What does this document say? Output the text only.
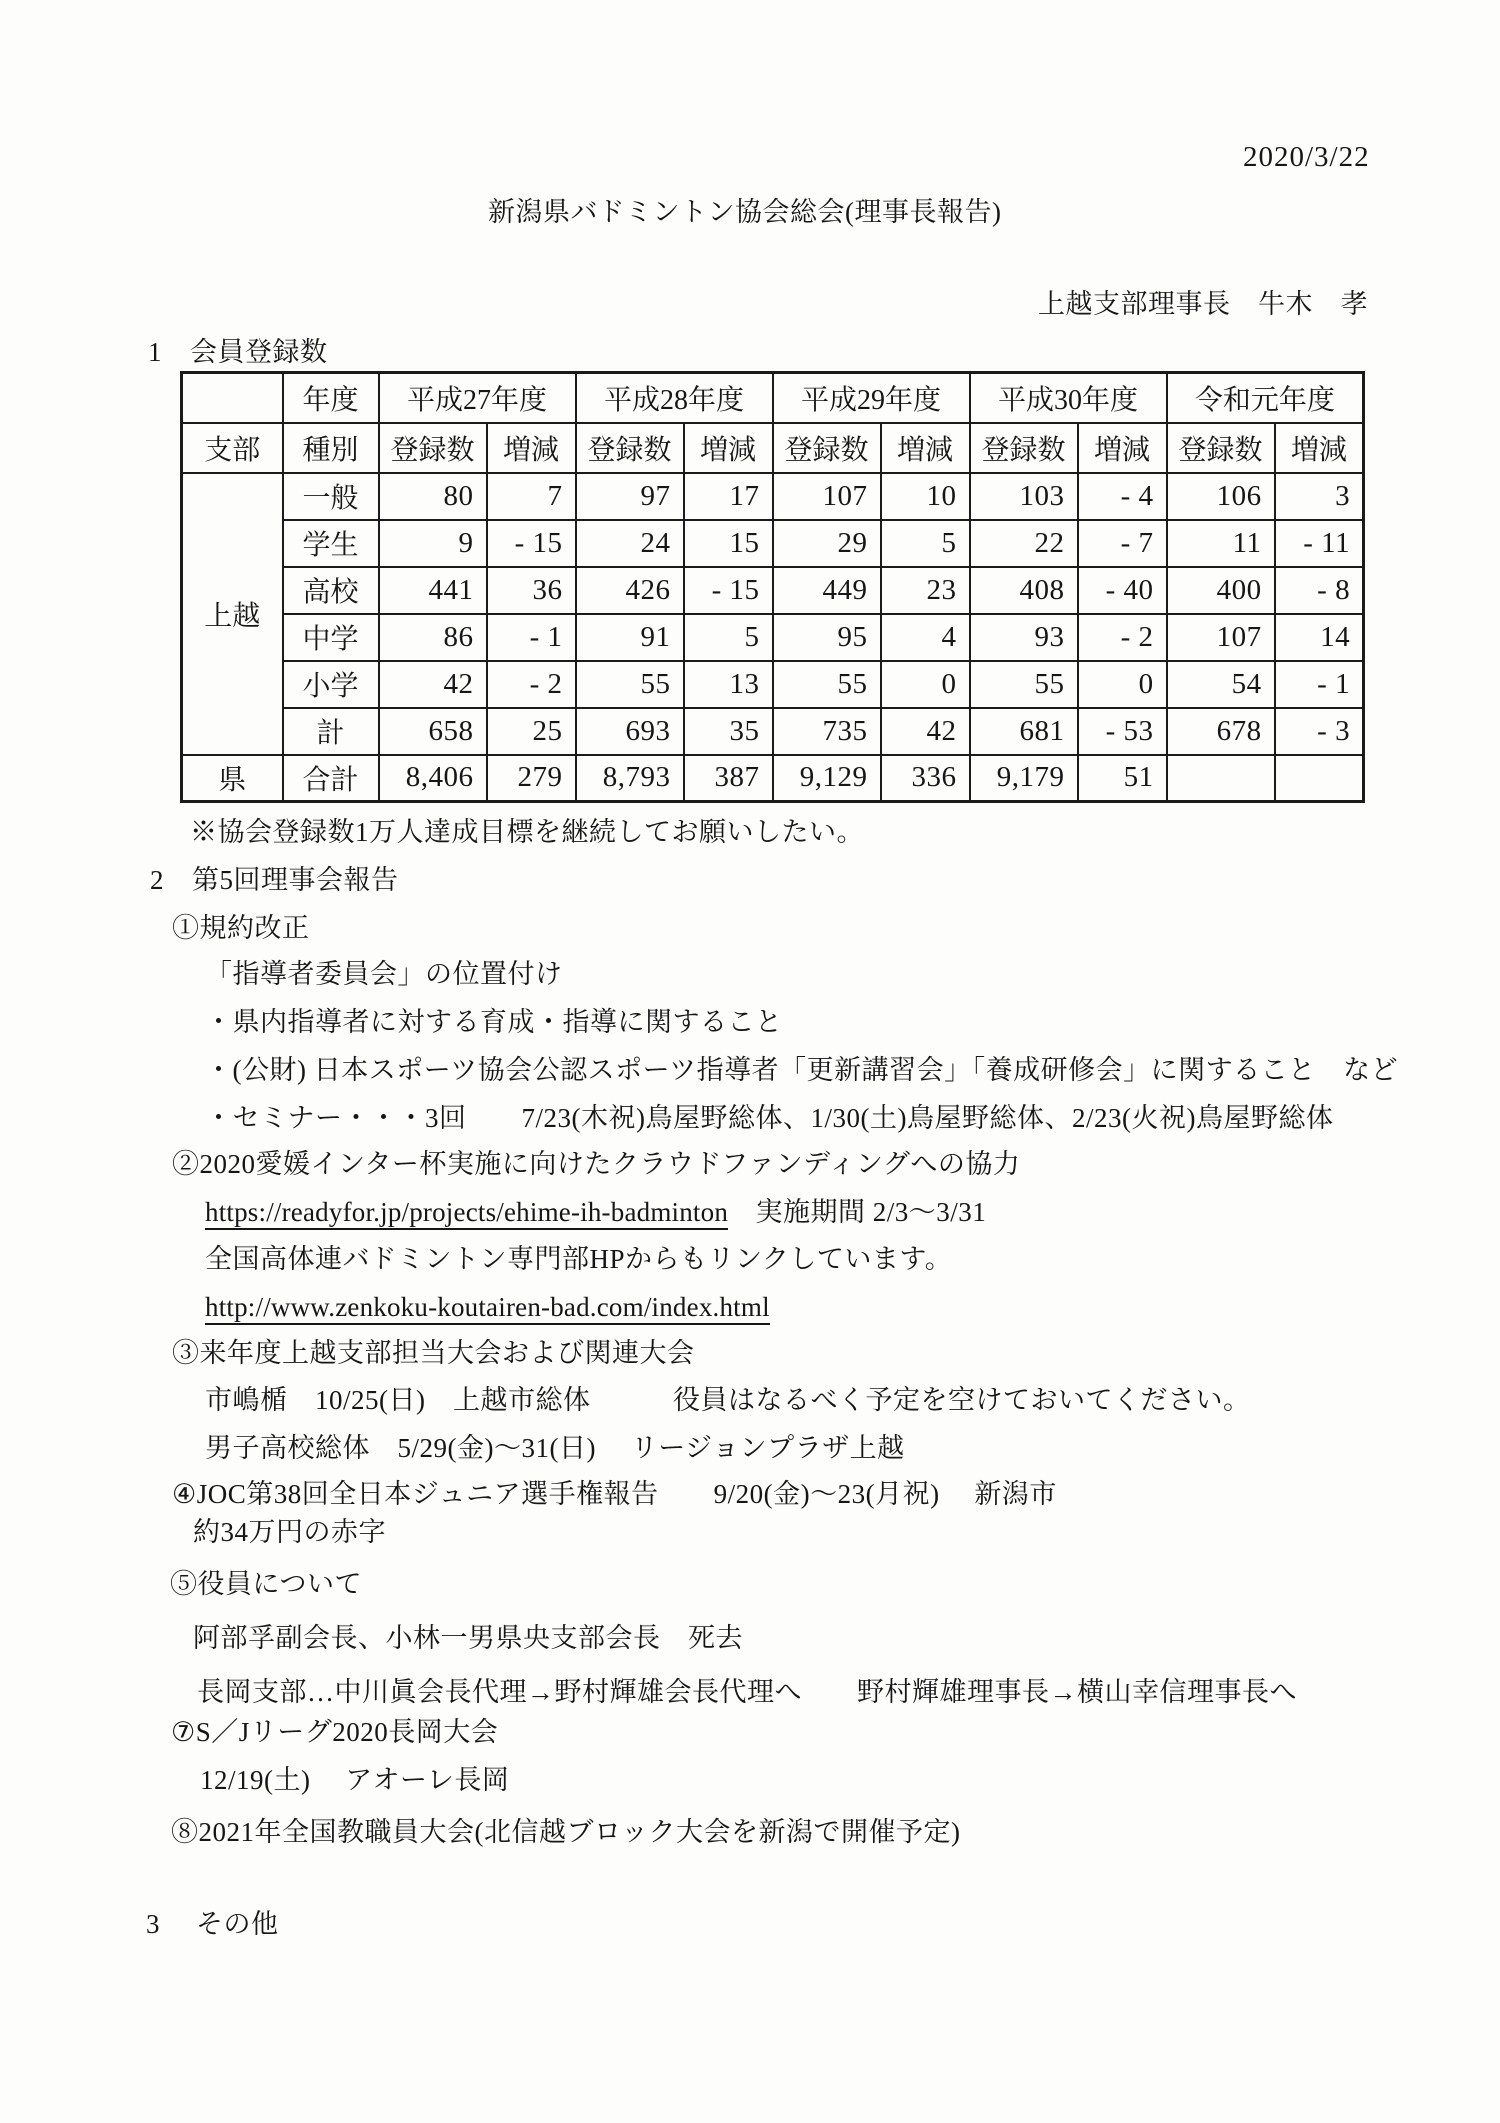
2020/3/22
新潟県バドミントン協会総会(理事長報告)
上越支部理事長　牛木　孝
1 会員登録数
	年度	平成27年度		平成28年度		平成29年度		平成30年度		令和元年度	
支部	種別	登録数	増減	登録数	増減	登録数	増減	登録数	増減	登録数	増減
上越	一般	80	7	97	17	107	10	103	- 4	106	3
	学生	9	- 15	24	15	29	5	22	- 7	11	- 11
	高校	441	36	426	- 15	449	23	408	- 40	400	- 8
	中学	86	- 1	91	5	95	4	93	- 2	107	14
	小学	42	- 2	55	13	55	0	55	0	54	- 1
	計	658	25	693	35	735	42	681	- 53	678	- 3
県	合計	8,406	279	8,793	387	9,129	336	9,179	51		
※協会登録数1万人達成目標を継続してお願いしたい。
2 第5回理事会報告
①規約改正
「指導者委員会」の位置付け
・県内指導者に対する育成・指導に関すること
・(公財) 日本スポーツ協会公認スポーツ指導者「更新講習会」「養成研修会」に関すること　など
・セミナー・・・3回　　7/23(木祝)鳥屋野総体、1/30(土)鳥屋野総体、2/23(火祝)鳥屋野総体
②2020愛媛インター杯実施に向けたクラウドファンディングへの協力
https://readyfor.jp/projects/ehime-ih-badminton　実施期間 2/3～3/31
全国高体連バドミントン専門部HPからもリンクしています。
http://www.zenkoku-koutairen-bad.com/index.html
③来年度上越支部担当大会および関連大会
市嶋楯　10/25(日)　上越市総体　　　役員はなるべく予定を空けておいてください。
男子高校総体　5/29(金)～31(日)　 リージョンプラザ上越
④JOC第38回全日本ジュニア選手権報告　　9/20(金)～23(月祝)　 新潟市
約34万円の赤字
⑤役員について
阿部孚副会長、小林一男県央支部会長　死去
長岡支部…中川眞会長代理→野村輝雄会長代理へ　　野村輝雄理事長→横山幸信理事長へ
⑦S／Jリーグ2020長岡大会
12/19(土)　 アオーレ長岡
⑧2021年全国教職員大会(北信越ブロック大会を新潟で開催予定)
3 その他
